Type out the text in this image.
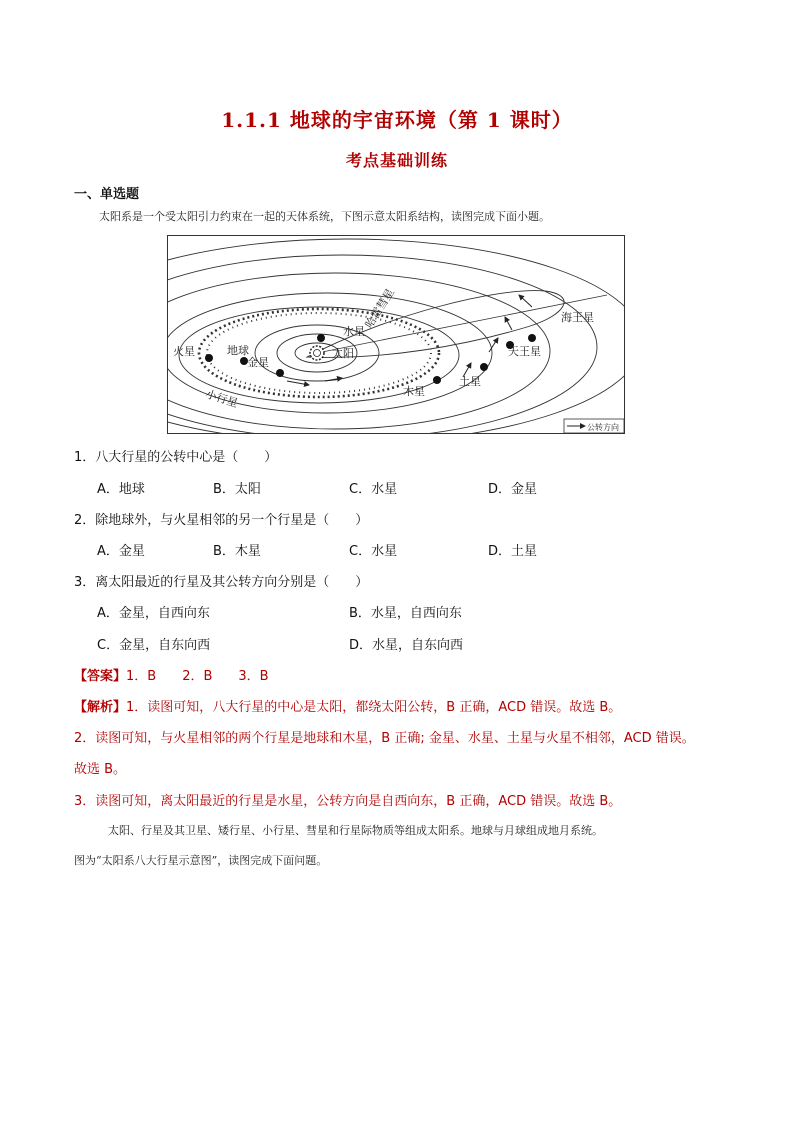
1.1.1 地球的宇宙环境（第 1 课时）
考点基础训练
一、单选题
太阳系是一个受太阳引力约束在一起的天体系统，下图示意太阳系结构，读图完成下面小题。
水星
太阳
金星
地球
火星
木星
土星
天王星
海王星
小行星
哈雷彗星
公转方向
1．八大行星的公转中心是（　　）
A．地球	B．太阳	C．水星	D．金星
2．除地球外，与火星相邻的另一个行星是（　　）
A．金星	B．木星	C．水星	D．土星
3．离太阳最近的行星及其公转方向分别是（　　）
A．金星，自西向东	B．水星，自西向东
C．金星，自东向西	D．水星，自东向西
【答案】1．B　　2．B　　3．B
【解析】1．读图可知，八大行星的中心是太阳，都绕太阳公转，B 正确，ACD 错误。故选 B。
2．读图可知，与火星相邻的两个行星是地球和木星，B 正确; 金星、水星、土星与火星不相邻，ACD 错误。
故选 B。
3．读图可知，离太阳最近的行星是水星，公转方向是自西向东，B 正确，ACD 错误。故选 B。
太阳、行星及其卫星、矮行星、小行星、彗星和行星际物质等组成太阳系。地球与月球组成地月系统。
图为“太阳系八大行星示意图”，读图完成下面问题。
